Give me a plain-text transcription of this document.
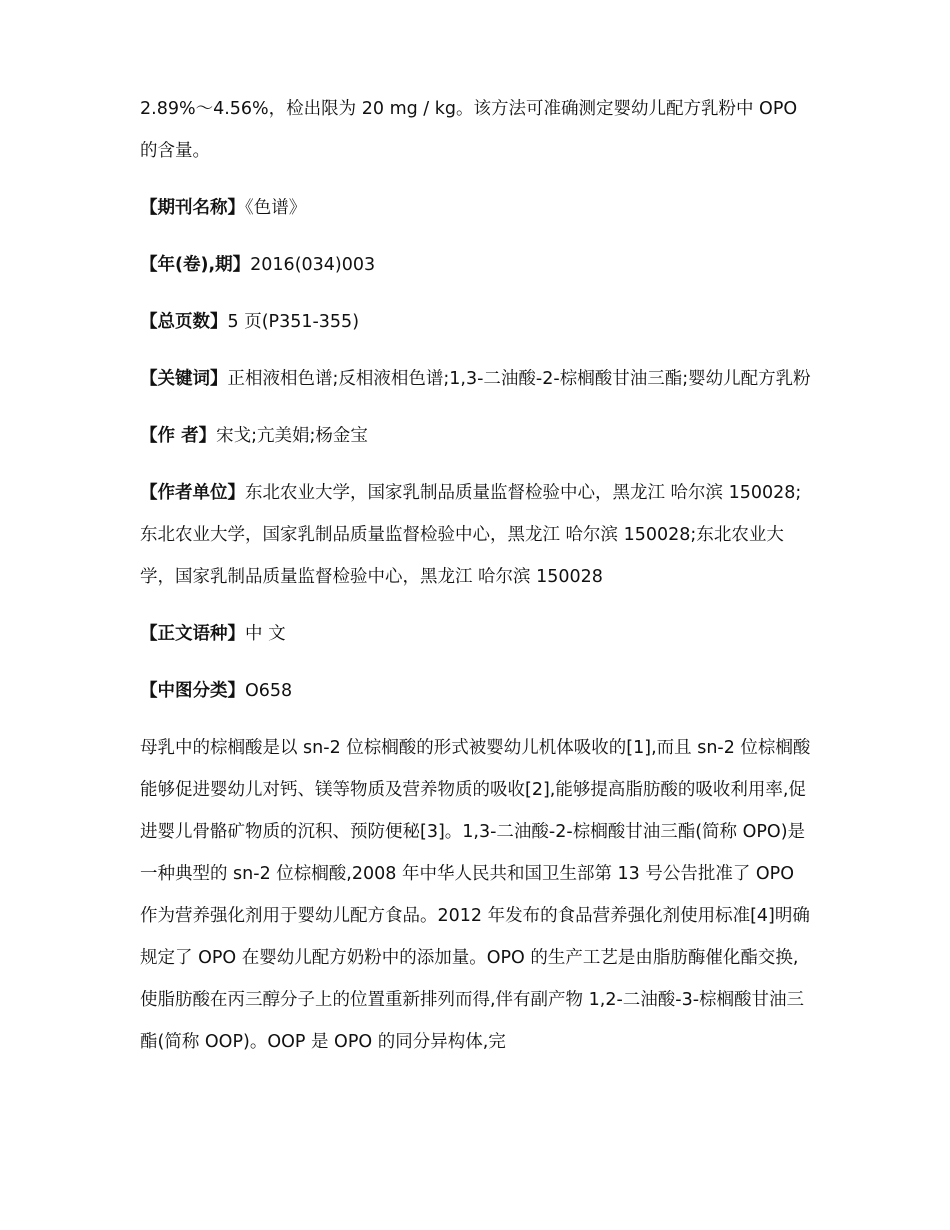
2.89%～4.56%，检出限为 20 mg / kg。该方法可准确测定婴幼儿配方乳粉中 OPO 的含量。

【期刊名称】《色谱》

【年(卷),期】2016(034)003

【总页数】5 页(P351-355)

【关键词】正相液相色谱;反相液相色谱;1,3-二油酸-2-棕榈酸甘油三酯;婴幼儿配方乳粉

【作 者】宋戈;亢美娟;杨金宝

【作者单位】东北农业大学，国家乳制品质量监督检验中心，黑龙江 哈尔滨 150028;东北农业大学，国家乳制品质量监督检验中心，黑龙江 哈尔滨 150028;东北农业大学，国家乳制品质量监督检验中心，黑龙江 哈尔滨 150028

【正文语种】中 文

【中图分类】O658

母乳中的棕榈酸是以 sn-2 位棕榈酸的形式被婴幼儿机体吸收的[1],而且 sn-2 位棕榈酸能够促进婴幼儿对钙、镁等物质及营养物质的吸收[2],能够提高脂肪酸的吸收利用率,促进婴儿骨骼矿物质的沉积、预防便秘[3]。1,3-二油酸-2-棕榈酸甘油三酯(简称 OPO)是一种典型的 sn-2 位棕榈酸,2008 年中华人民共和国卫生部第 13 号公告批准了 OPO 作为营养强化剂用于婴幼儿配方食品。2012 年发布的食品营养强化剂使用标准[4]明确规定了 OPO 在婴幼儿配方奶粉中的添加量。OPO 的生产工艺是由脂肪酶催化酯交换,使脂肪酸在丙三醇分子上的位置重新排列而得,伴有副产物 1,2-二油酸-3-棕榈酸甘油三酯(简称 OOP)。OOP 是 OPO 的同分异构体,完
